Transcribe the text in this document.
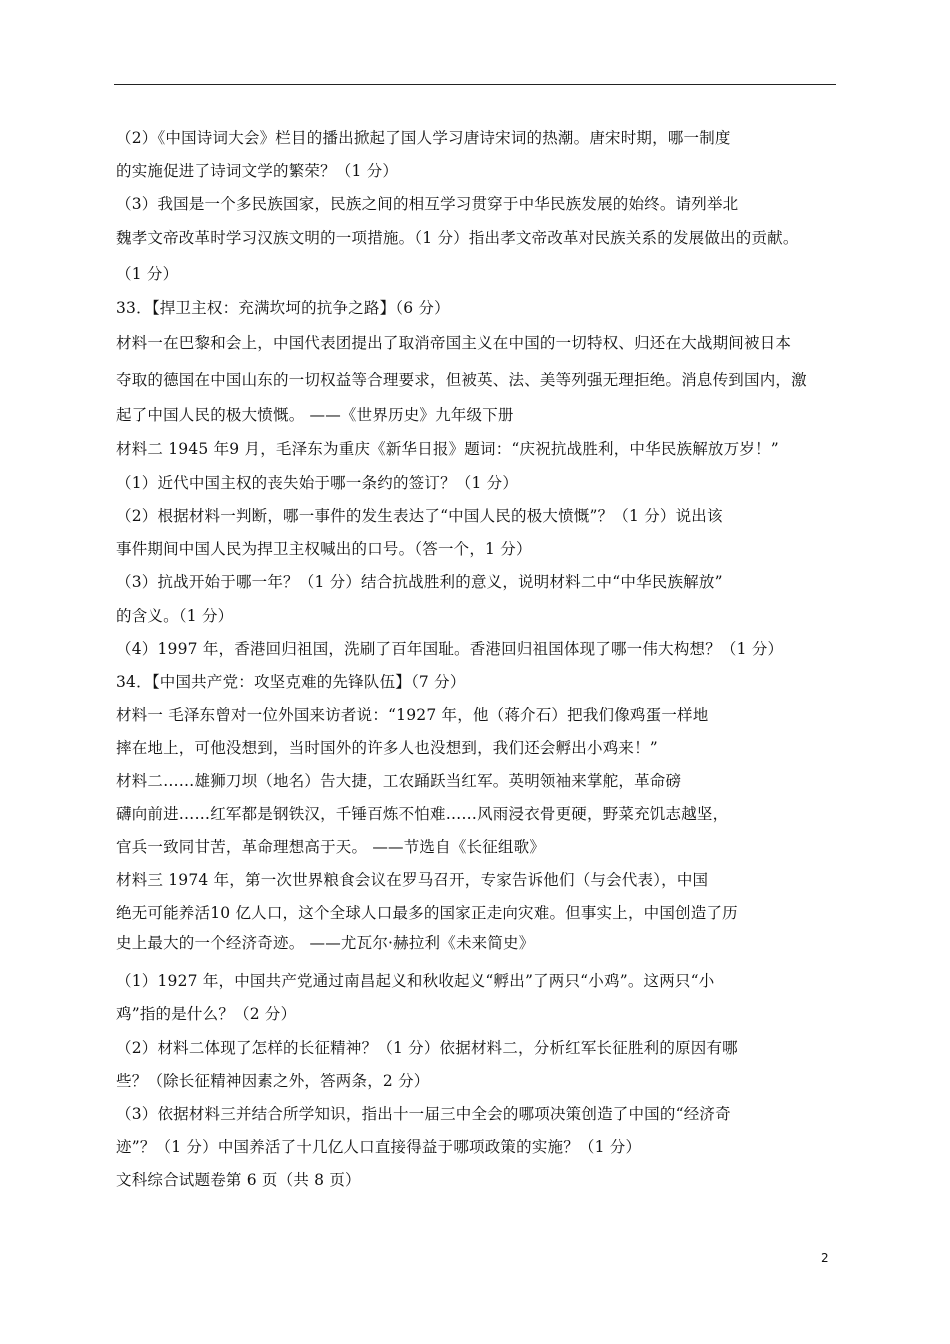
（2）《中国诗词大会》栏目的播出掀起了国人学习唐诗宋词的热潮。唐宋时期，哪一制度
的实施促进了诗词文学的繁荣？（1 分）
（3）我国是一个多民族国家，民族之间的相互学习贯穿于中华民族发展的始终。请列举北
魏孝文帝改革时学习汉族文明的一项措施。（1 分）指出孝文帝改革对民族关系的发展做出的贡献。
（1 分）
33．【捍卫主权：充满坎坷的抗争之路】（6 分）
材料一在巴黎和会上，中国代表团提出了取消帝国主义在中国的一切特权、归还在大战期间被日本
夺取的德国在中国山东的一切权益等合理要求，但被英、法、美等列强无理拒绝。消息传到国内，激
起了中国人民的极大愤慨。 ——《世界历史》九年级下册
材料二 1945 年9 月，毛泽东为重庆《新华日报》题词：“庆祝抗战胜利，中华民族解放万岁！”
（1）近代中国主权的丧失始于哪一条约的签订？（1 分）
（2）根据材料一判断，哪一事件的发生表达了“中国人民的极大愤慨”？（1 分）说出该
事件期间中国人民为捍卫主权喊出的口号。（答一个，1 分）
（3）抗战开始于哪一年？（1 分）结合抗战胜利的意义，说明材料二中“中华民族解放”
的含义。（1 分）
（4）1997 年，香港回归祖国，洗刷了百年国耻。香港回归祖国体现了哪一伟大构想？（1 分）
34．【中国共产党：攻坚克难的先锋队伍】（7 分）
材料一 毛泽东曾对一位外国来访者说：“1927 年，他（蒋介石）把我们像鸡蛋一样地
摔在地上，可他没想到，当时国外的许多人也没想到，我们还会孵出小鸡来！”
材料二……雄狮刀坝（地名）告大捷，工农踊跃当红军。英明领袖来掌舵，革命磅
礴向前进……红军都是钢铁汉，千锤百炼不怕难……风雨浸衣骨更硬，野菜充饥志越坚，
官兵一致同甘苦，革命理想高于天。 ——节选自《长征组歌》
材料三 1974 年，第一次世界粮食会议在罗马召开，专家告诉他们（与会代表），中国
绝无可能养活10 亿人口，这个全球人口最多的国家正走向灾难。但事实上，中国创造了历
史上最大的一个经济奇迹。 ——尤瓦尔·赫拉利《未来简史》
（1）1927 年，中国共产党通过南昌起义和秋收起义“孵出”了两只“小鸡”。这两只“小
鸡”指的是什么？（2 分）
（2）材料二体现了怎样的长征精神？（1 分）依据材料二，分析红军长征胜利的原因有哪
些？（除长征精神因素之外，答两条，2 分）
（3）依据材料三并结合所学知识，指出十一届三中全会的哪项决策创造了中国的“经济奇
迹”？（1 分）中国养活了十几亿人口直接得益于哪项政策的实施？（1 分）
文科综合试题卷第 6 页（共 8 页）
2
